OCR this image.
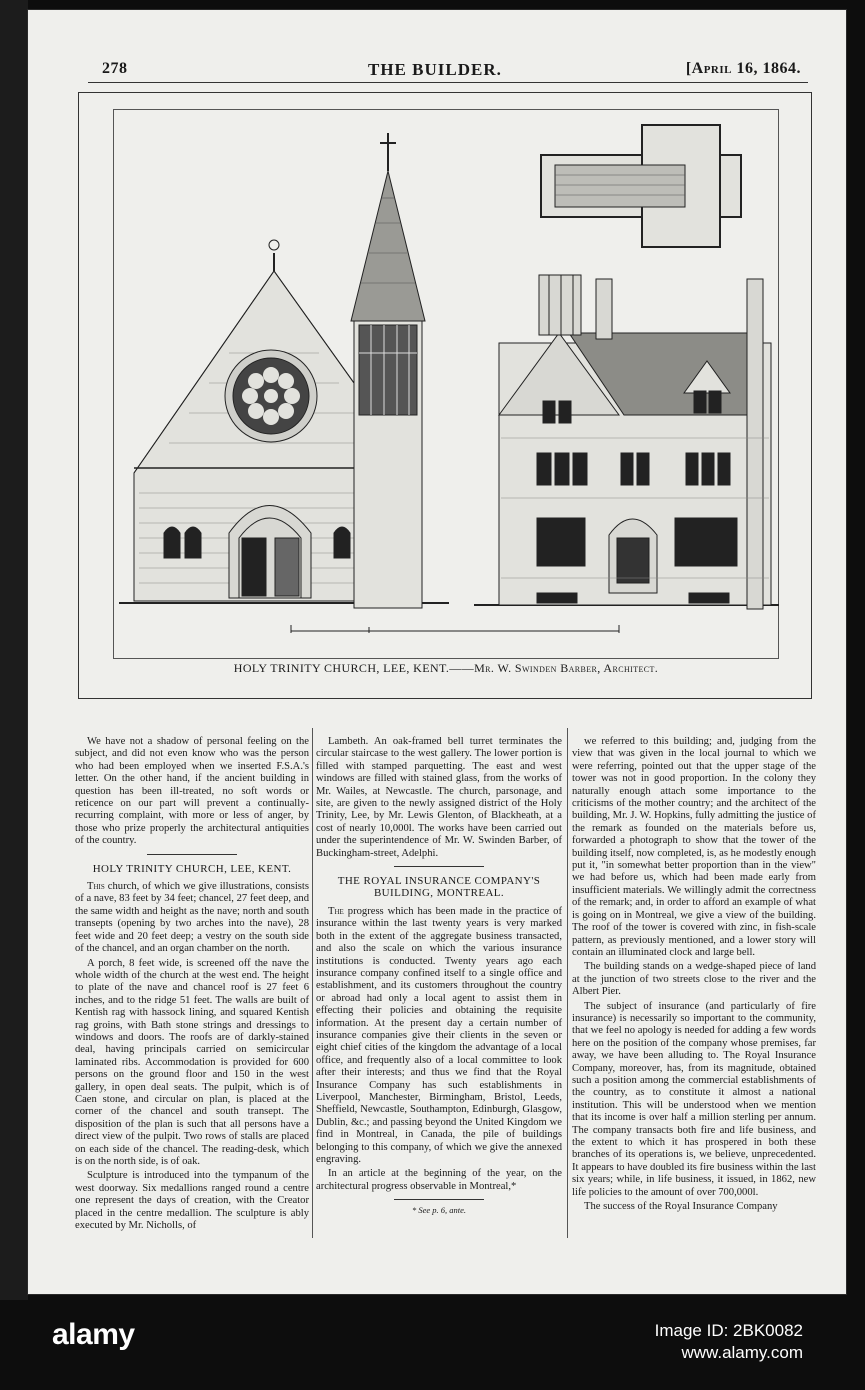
278	THE BUILDER.	[April 16, 1864.
HOLY TRINITY CHURCH, LEE, KENT.——Mr. W. Swinden Barber, Architect.

We have not a shadow of personal feeling on the subject, and did not even know who was the person who had been employed when we inserted F.S.A.'s letter. On the other hand, if the ancient building in question has been ill-treated, no soft words or reticence on our part will prevent a continually-recurring complaint, with more or less of anger, by those who prize properly the architectural antiquities of the country.

HOLY TRINITY CHURCH, LEE, KENT.

This church, of which we give illustrations, consists of a nave, 83 feet by 34 feet; chancel, 27 feet deep, and the same width and height as the nave; north and south transepts (opening by two arches into the nave), 28 feet wide and 20 feet deep; a vestry on the south side of the chancel, and an organ chamber on the north.

A porch, 8 feet wide, is screened off the nave the whole width of the church at the west end. The height to plate of the nave and chancel roof is 27 feet 6 inches, and to the ridge 51 feet. The walls are built of Kentish rag with hassock lining, and squared Kentish rag groins, with Bath stone strings and dressings to windows and doors. The roofs are of darkly-stained deal, having principals carried on semicircular laminated ribs. Accommodation is provided for 600 persons on the ground floor and 150 in the west gallery, in open deal seats. The pulpit, which is of Caen stone, and circular on plan, is placed at the corner of the chancel and south transept. The disposition of the plan is such that all persons have a direct view of the pulpit. Two rows of stalls are placed on each side of the chancel. The reading-desk, which is on the north side, is of oak.

Sculpture is introduced into the tympanum of the west doorway. Six medallions ranged round a centre one represent the days of creation, with the Creator placed in the centre medallion. The sculpture is ably executed by Mr. Nicholls, of

Lambeth. An oak-framed bell turret terminates the circular staircase to the west gallery. The lower portion is filled with stamped parquetting. The east and west windows are filled with stained glass, from the works of Mr. Wailes, at Newcastle. The church, parsonage, and site, are given to the newly assigned district of the Holy Trinity, Lee, by Mr. Lewis Glenton, of Blackheath, at a cost of nearly 10,000l. The works have been carried out under the superintendence of Mr. W. Swinden Barber, of Buckingham-street, Adelphi.

THE ROYAL INSURANCE COMPANY'S BUILDING, MONTREAL.

The progress which has been made in the practice of insurance within the last twenty years is very marked both in the extent of the aggregate business transacted, and also the scale on which the various insurance institutions is conducted. Twenty years ago each insurance company confined itself to a single office and establishment, and its customers throughout the country or abroad had only a local agent to assist them in effecting their policies and obtaining the requisite information. At the present day a certain number of insurance companies give their clients in the seven or eight chief cities of the kingdom the advantage of a local office, and frequently also of a local committee to look after their interests; and thus we find that the Royal Insurance Company has such establishments in Liverpool, Manchester, Birmingham, Bristol, Leeds, Sheffield, Newcastle, Southampton, Edinburgh, Glasgow, Dublin, &c.; and passing beyond the United Kingdom we find in Montreal, in Canada, the pile of buildings belonging to this company, of which we give the annexed engraving.

In an article at the beginning of the year, on the architectural progress observable in Montreal,*

* See p. 6, ante.

we referred to this building; and, judging from the view that was given in the local journal to which we were referring, pointed out that the upper stage of the tower was not in good proportion. In the colony they naturally enough attach some importance to the criticisms of the mother country; and the architect of the building, Mr. J. W. Hopkins, fully admitting the justice of the remark as founded on the materials before us, forwarded a photograph to show that the tower of the building itself, now completed, is, as he modestly enough put it, "in somewhat better proportion than in the view" we had before us, which had been made early from insufficient materials. We willingly admit the correctness of the remark; and, in order to afford an example of what is going on in Montreal, we give a view of the building. The roof of the tower is covered with zinc, in fish-scale pattern, as previously mentioned, and a lower story will contain an illuminated clock and large bell.

The building stands on a wedge-shaped piece of land at the junction of two streets close to the river and the Albert Pier.

The subject of insurance (and particularly of fire insurance) is necessarily so important to the community, that we feel no apology is needed for adding a few words here on the position of the company whose premises, far away, we have been alluding to. The Royal Insurance Company, moreover, has, from its magnitude, obtained such a position among the commercial establishments of the country, as to constitute it almost a national institution. This will be understood when we mention that its income is over half a million sterling per annum. The company transacts both fire and life business, and the extent to which it has prospered in both these branches of its operations is, we believe, unprecedented. It appears to have doubled its fire business within the last six years; while, in life business, it issued, in 1862, new life policies to the amount of over 700,000l.

The success of the Royal Insurance Company

alamy	Image ID: 2BK0082
www.alamy.com
